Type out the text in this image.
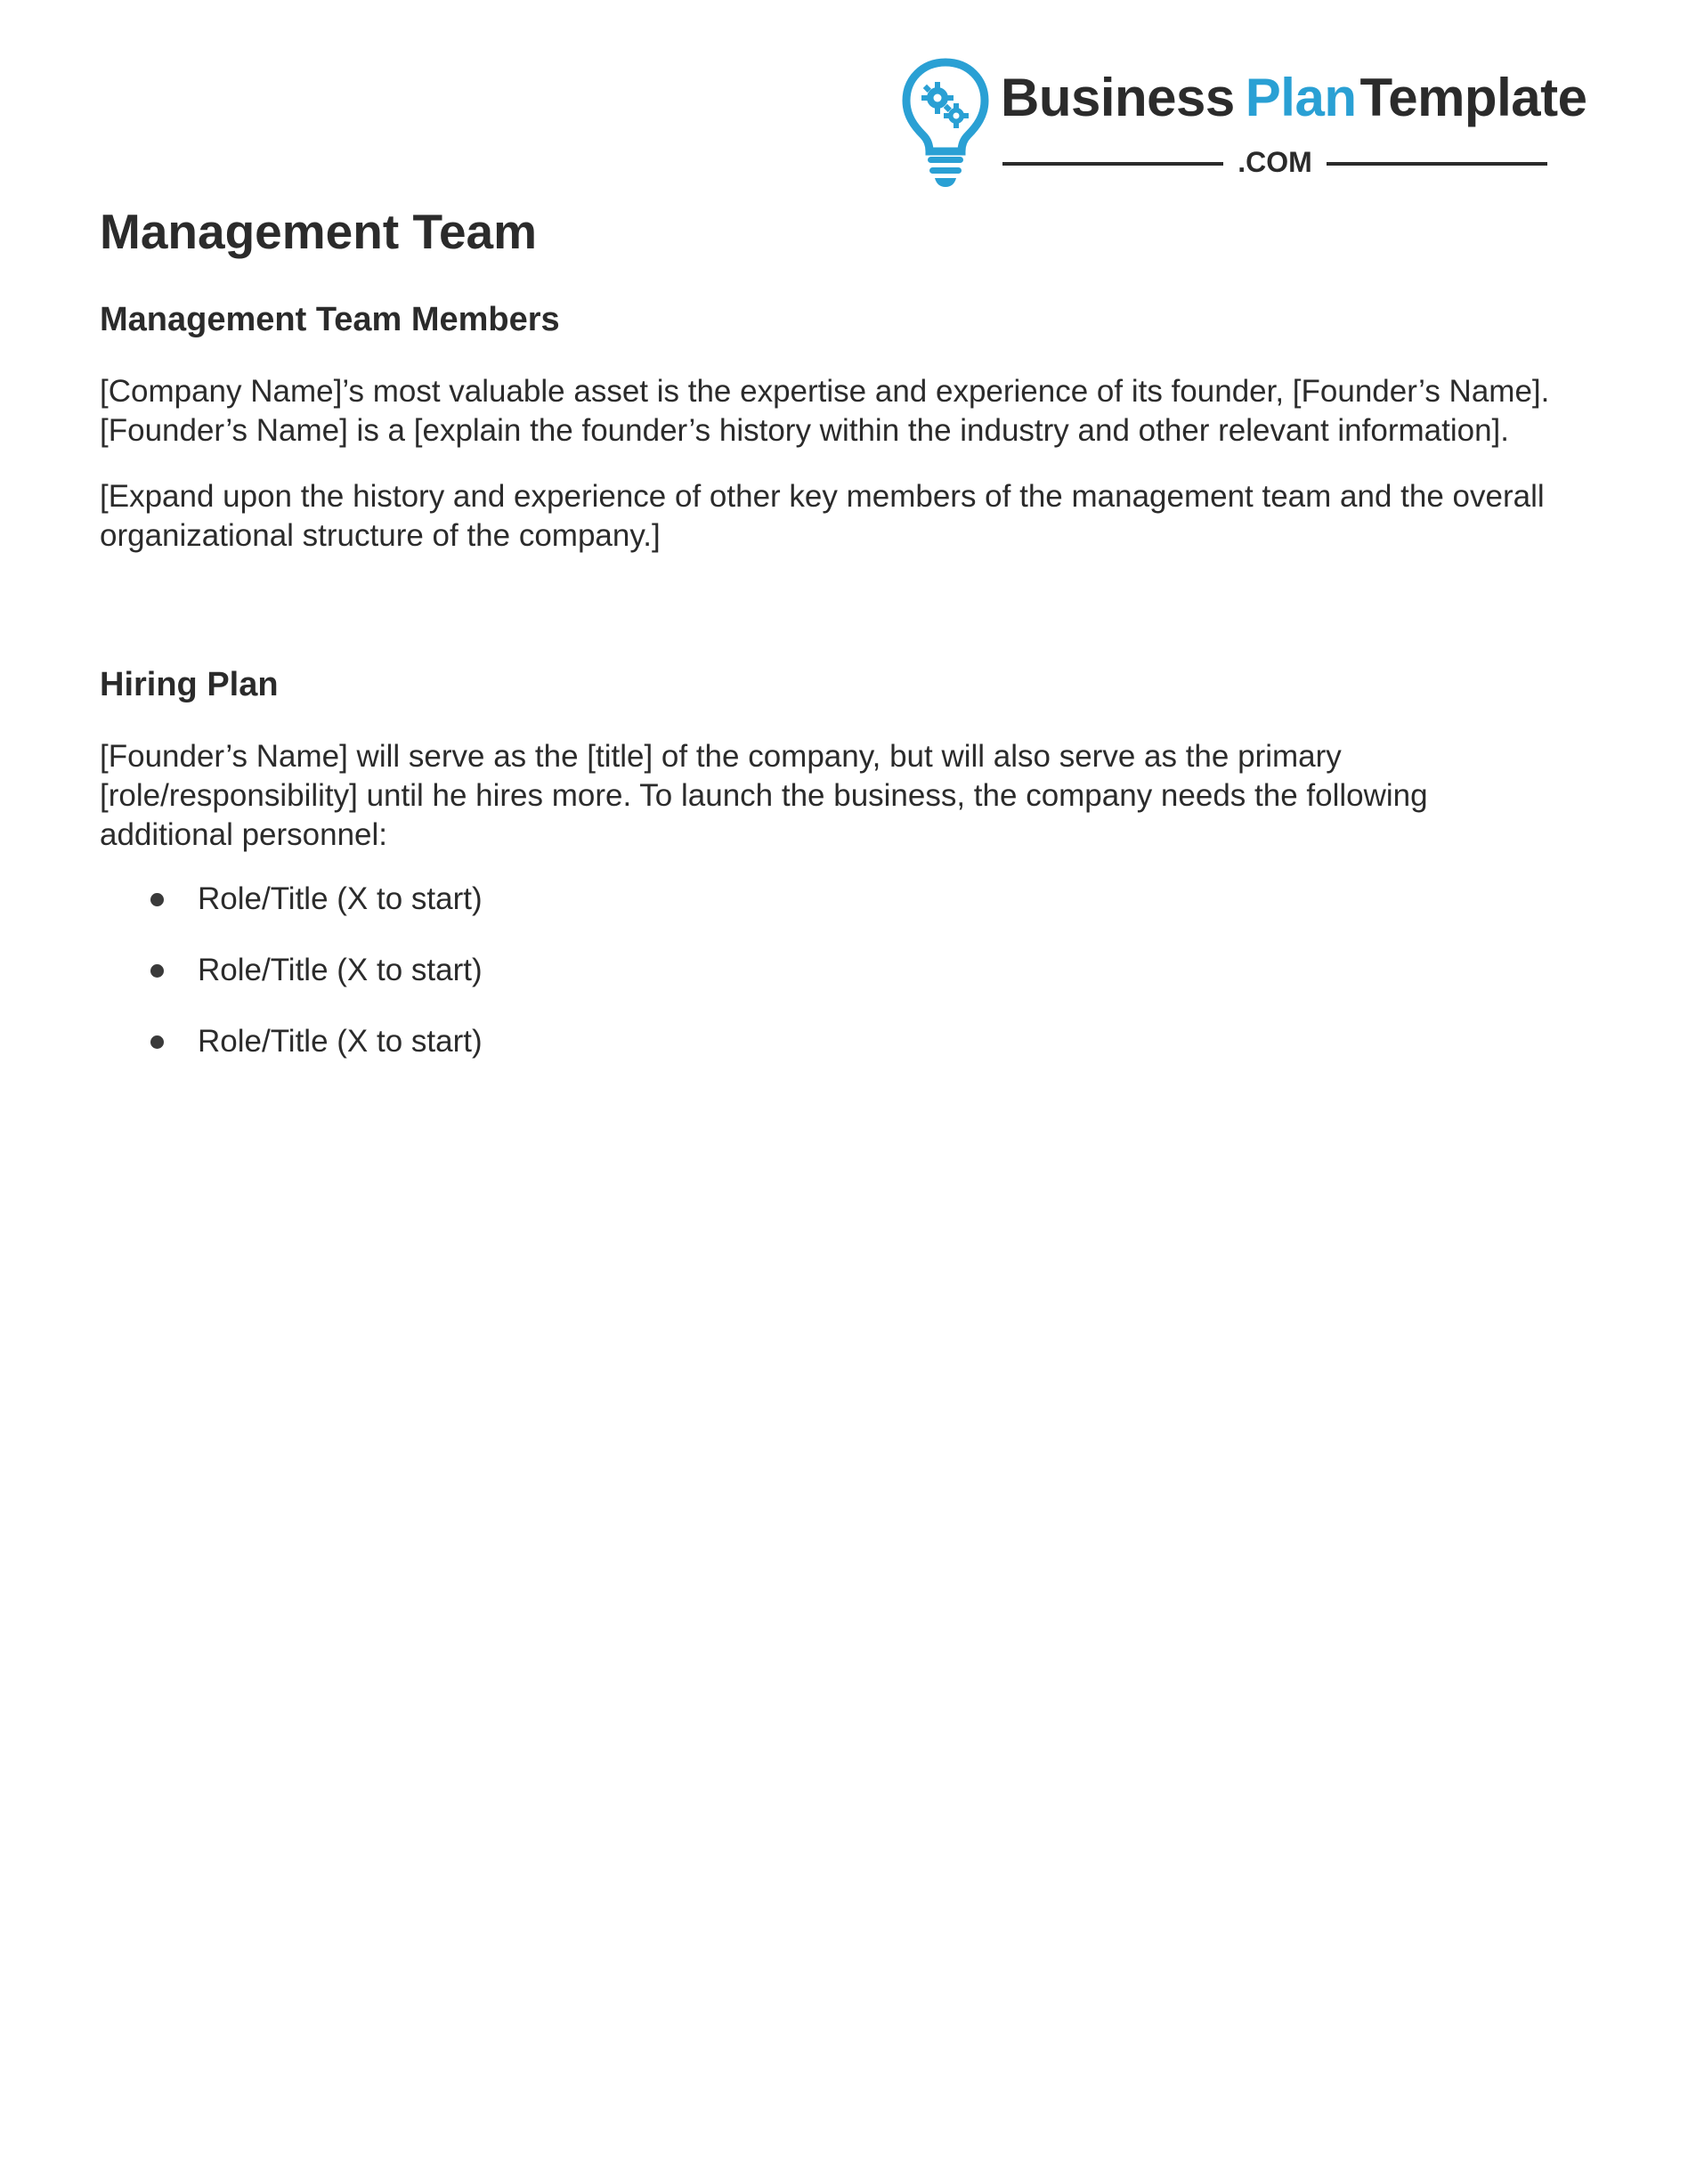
Business PlanTemplate
.COM
Management Team
Management Team Members

[Company Name]’s most valuable asset is the expertise and experience of its founder, [Founder’s Name]. [Founder’s Name] is a [explain the founder’s history within the industry and other relevant information].

[Expand upon the history and experience of other key members of the management team and the overall organizational structure of the company.]

Hiring Plan

[Founder’s Name] will serve as the [title] of the company, but will also serve as the primary [role/responsibility] until he hires more. To launch the business, the company needs the following additional personnel:

Role/Title (X to start)
Role/Title (X to start)
Role/Title (X to start)
